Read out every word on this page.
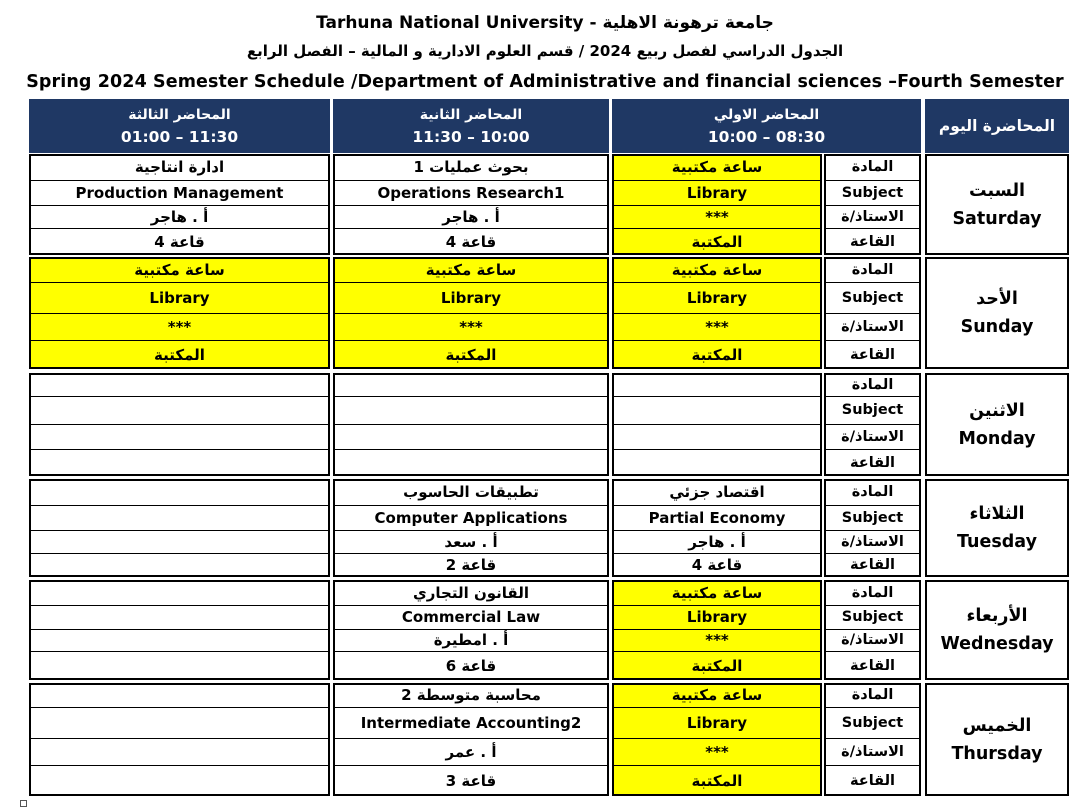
Tarhuna National University - جامعة ترهونة الاهلية
الجدول الدراسي لفصل ربيع 2024 / قسم العلوم الادارية و المالية – الفصل الرابع
Spring 2024 Semester Schedule /Department of Administrative and financial sciences –Fourth Semester
المحاضر الثالثة
01:00 – 11:30
المحاضر الثانية
11:30 – 10:00
المحاضر الاولي
10:00 – 08:30
المحاضرة اليوم
ادارة انتاجية
Production Management
أ . هاجر
قاعة 4
بحوث عمليات 1
Operations Research1
أ . هاجر
قاعة 4
ساعة مكتبية
Library
***
المكتبة
المادة
Subject
الاستاذ/ة
القاعة
السبت
Saturday
ساعة مكتبية
Library
***
المكتبة
ساعة مكتبية
Library
***
المكتبة
ساعة مكتبية
Library
***
المكتبة
المادة
Subject
الاستاذ/ة
القاعة
الأحد
Sunday
المادة
Subject
الاستاذ/ة
القاعة
الاثنين
Monday
تطبيقات الحاسوب
Computer Applications
أ . سعد
قاعة 2
اقتصاد جزئي
Partial Economy
أ . هاجر
قاعة 4
المادة
Subject
الاستاذ/ة
القاعة
الثلاثاء
Tuesday
القانون التجاري
Commercial Law
أ . امطيرة
قاعة 6
ساعة مكتبية
Library
***
المكتبة
المادة
Subject
الاستاذ/ة
القاعة
الأربعاء
Wednesday
محاسبة متوسطة 2
Intermediate Accounting2
أ . عمر
قاعة 3
ساعة مكتبية
Library
***
المكتبة
المادة
Subject
الاستاذ/ة
القاعة
الخميس
Thursday
